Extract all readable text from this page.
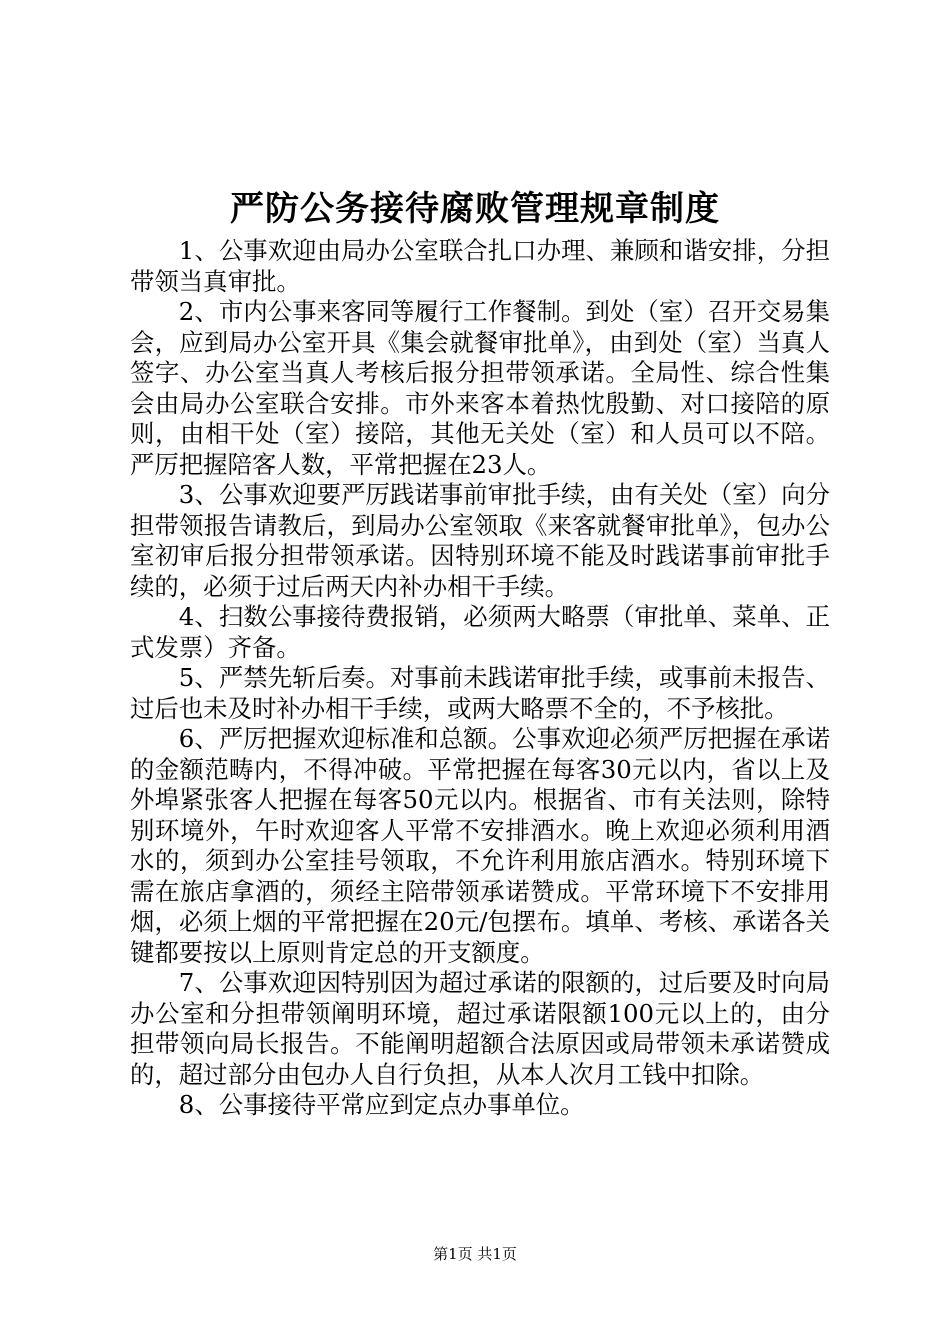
严防公务接待腐败管理规章制度

1、公事欢迎由局办公室联合扎口办理、兼顾和谐安排，分担带领当真审批。

2、市内公事来客同等履行工作餐制。到处（室）召开交易集会，应到局办公室开具《集会就餐审批单》，由到处（室）当真人签字、办公室当真人考核后报分担带领承诺。全局性、综合性集会由局办公室联合安排。市外来客本着热忱殷勤、对口接陪的原则，由相干处（室）接陪，其他无关处（室）和人员可以不陪。严厉把握陪客人数，平常把握在23人。

3、公事欢迎要严厉践诺事前审批手续，由有关处（室）向分担带领报告请教后，到局办公室领取《来客就餐审批单》，包办公室初审后报分担带领承诺。因特别环境不能及时践诺事前审批手续的，必须于过后两天内补办相干手续。

4、扫数公事接待费报销，必须两大略票（审批单、菜单、正式发票）齐备。

5、严禁先斩后奏。对事前未践诺审批手续，或事前未报告、过后也未及时补办相干手续，或两大略票不全的，不予核批。

6、严厉把握欢迎标准和总额。公事欢迎必须严厉把握在承诺的金额范畴内，不得冲破。平常把握在每客30元以内，省以上及外埠紧张客人把握在每客50元以内。根据省、市有关法则，除特别环境外，午时欢迎客人平常不安排酒水。晚上欢迎必须利用酒水的，须到办公室挂号领取，不允许利用旅店酒水。特别环境下需在旅店拿酒的，须经主陪带领承诺赞成。平常环境下不安排用烟，必须上烟的平常把握在20元/包摆布。填单、考核、承诺各关键都要按以上原则肯定总的开支额度。

7、公事欢迎因特别因为超过承诺的限额的，过后要及时向局办公室和分担带领阐明环境，超过承诺限额100元以上的，由分担带领向局长报告。不能阐明超额合法原因或局带领未承诺赞成的，超过部分由包办人自行负担，从本人次月工钱中扣除。

8、公事接待平常应到定点办事单位。

第1页 共1页
